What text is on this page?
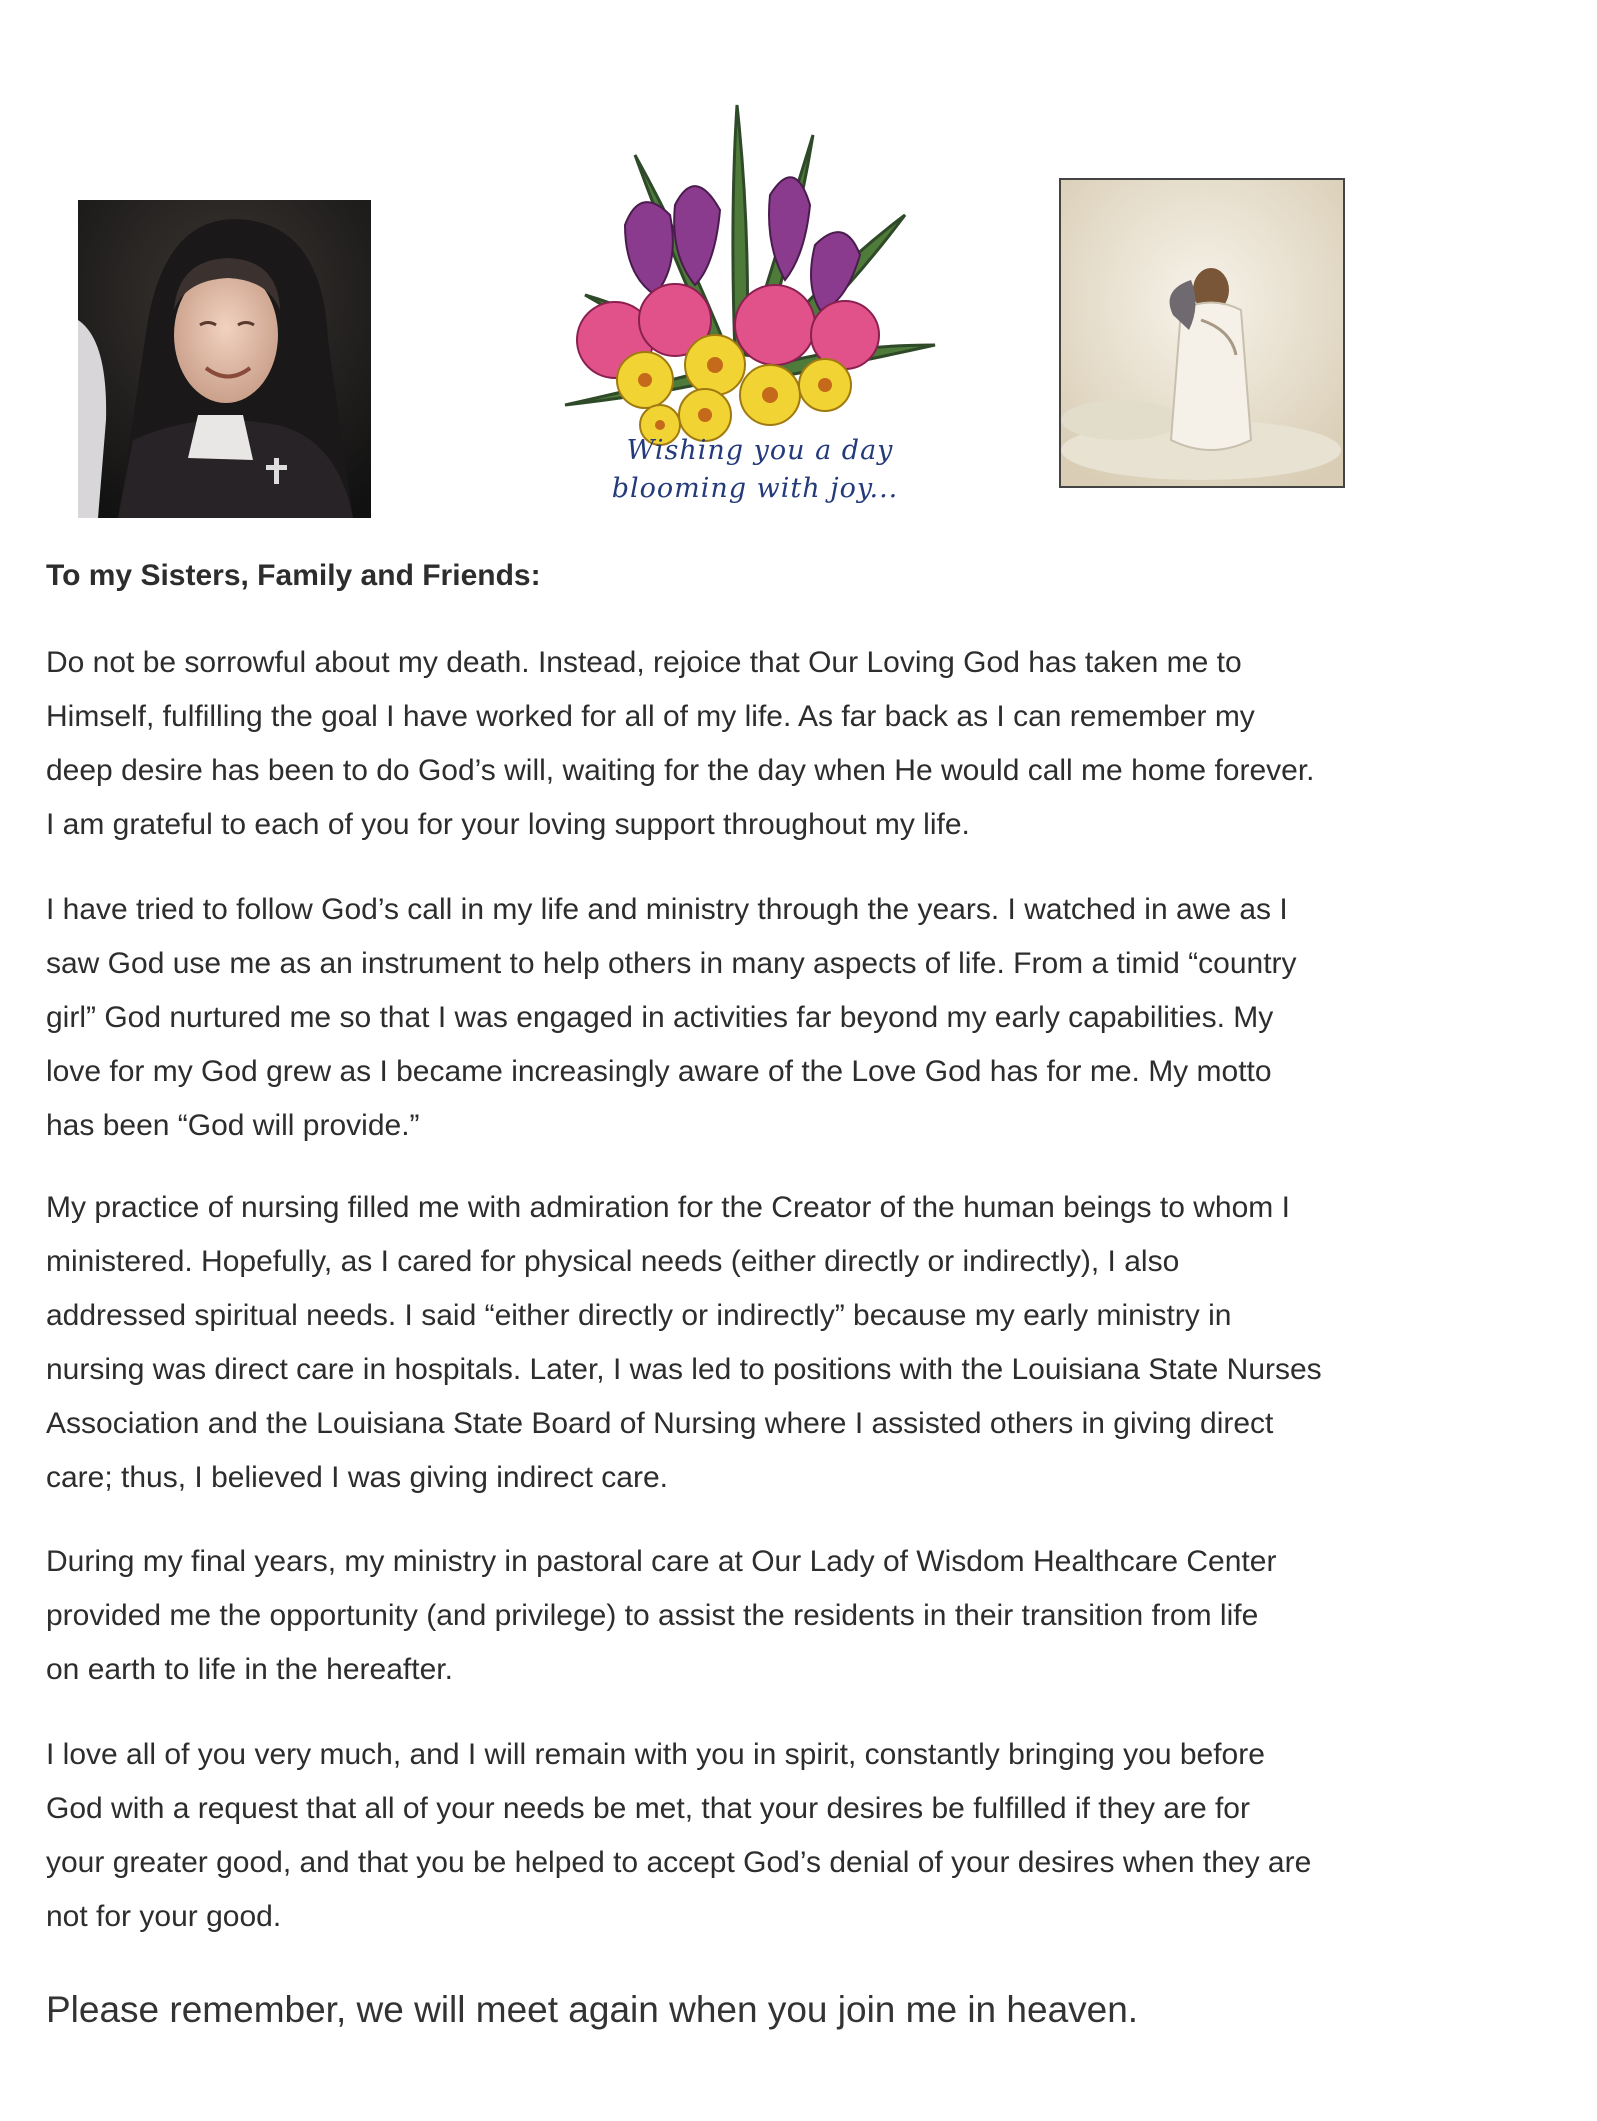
Wishing you a day
blooming with joy...
To my Sisters, Family and Friends:
Do not be sorrowful about my death. Instead, rejoice that Our Loving God has taken me to
Himself, fulfilling the goal I have worked for all of my life. As far back as I can remember my
deep desire has been to do God’s will, waiting for the day when He would call me home forever.
I am grateful to each of you for your loving support throughout my life.
I have tried to follow God’s call in my life and ministry through the years. I watched in awe as I
saw God use me as an instrument to help others in many aspects of life. From a timid “country
girl” God nurtured me so that I was engaged in activities far beyond my early capabilities. My
love for my God grew as I became increasingly aware of the Love God has for me. My motto
has been “God will provide.”
My practice of nursing filled me with admiration for the Creator of the human beings to whom I
ministered. Hopefully, as I cared for physical needs (either directly or indirectly), I also
addressed spiritual needs. I said “either directly or indirectly” because my early ministry in
nursing was direct care in hospitals. Later, I was led to positions with the Louisiana State Nurses
Association and the Louisiana State Board of Nursing where I assisted others in giving direct
care; thus, I believed I was giving indirect care.
During my final years, my ministry in pastoral care at Our Lady of Wisdom Healthcare Center
provided me the opportunity (and privilege) to assist the residents in their transition from life
on earth to life in the hereafter.
I love all of you very much, and I will remain with you in spirit, constantly bringing you before
God with a request that all of your needs be met, that your desires be fulfilled if they are for
your greater good, and that you be helped to accept God’s denial of your desires when they are
not for your good.
Please remember, we will meet again when you join me in heaven.
